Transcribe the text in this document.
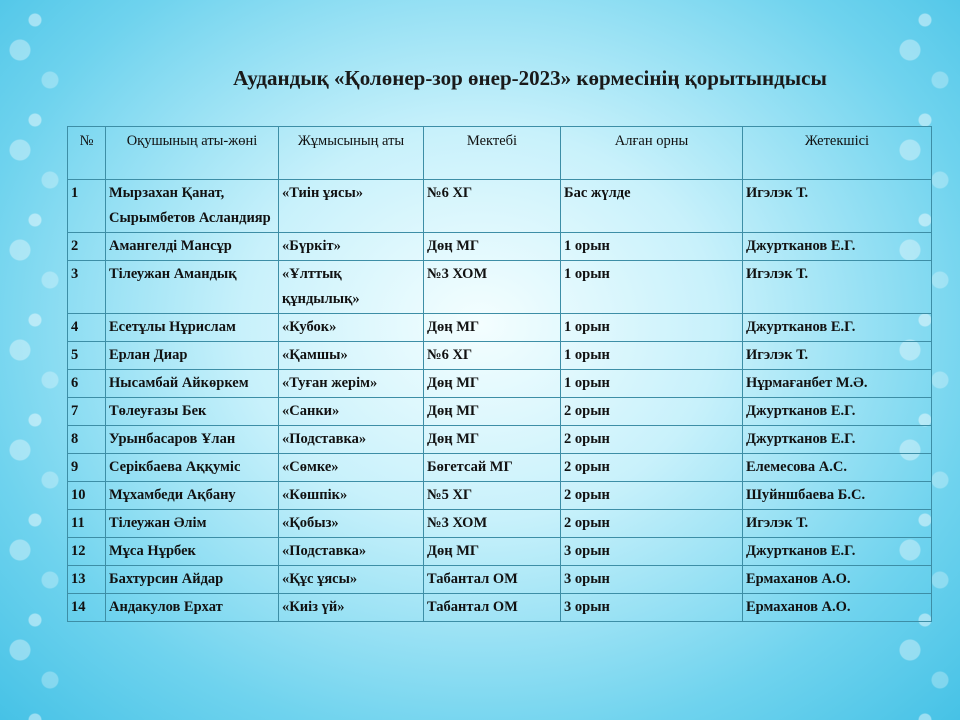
Аудандық «Қолөнер-зор өнер-2023» көрмесінің қорытындысы
№	Оқушының аты-жөні	Жұмысының аты	Мектебі	Алған орны	Жетекшісі
1	Мырзахан Қанат, Сырымбетов Асландияр	«Тиін ұясы»	№6 ХГ	Бас жүлде	Игэлэк Т.
2	Амангелді Мансұр	«Бүркіт»	Дөң МГ	1 орын	Джуртканов Е.Г.
3	Тілеужан Амандық	«Ұлттық құндылық»	№3 ХОМ	1 орын	Игэлэк Т.
4	Есетұлы Нұрислам	«Кубок»	Дөң МГ	1 орын	Джуртканов Е.Г.
5	Ерлан Диар	«Қамшы»	№6 ХГ	1 орын	Игэлэк Т.
6	Нысамбай Айкөркем	«Туған жерім»	Дөң МГ	1 орын	Нұрмағанбет М.Ә.
7	Төлеуғазы Бек	«Санки»	Дөң МГ	2 орын	Джуртканов Е.Г.
8	Урынбасаров Ұлан	«Подставка»	Дөң МГ	2 орын	Джуртканов Е.Г.
9	Серікбаева Аққуміс	«Сөмке»	Бөгетсай МГ	2 орын	Елемесова А.С.
10	Мұхамбеди Ақбану	«Көшпік»	№5 ХГ	2 орын	Шуйншбаева Б.С.
11	Тілеужан Әлім	«Қобыз»	№3 ХОМ	2 орын	Игэлэк Т.
12	Мұса Нұрбек	«Подставка»	Дөң МГ	3 орын	Джуртканов Е.Г.
13	Бахтурсин Айдар	«Құс ұясы»	Табантал ОМ	3 орын	Ермаханов А.О.
14	Андакулов Ерхат	«Киіз үй»	Табантал ОМ	3 орын	Ермаханов А.О.
